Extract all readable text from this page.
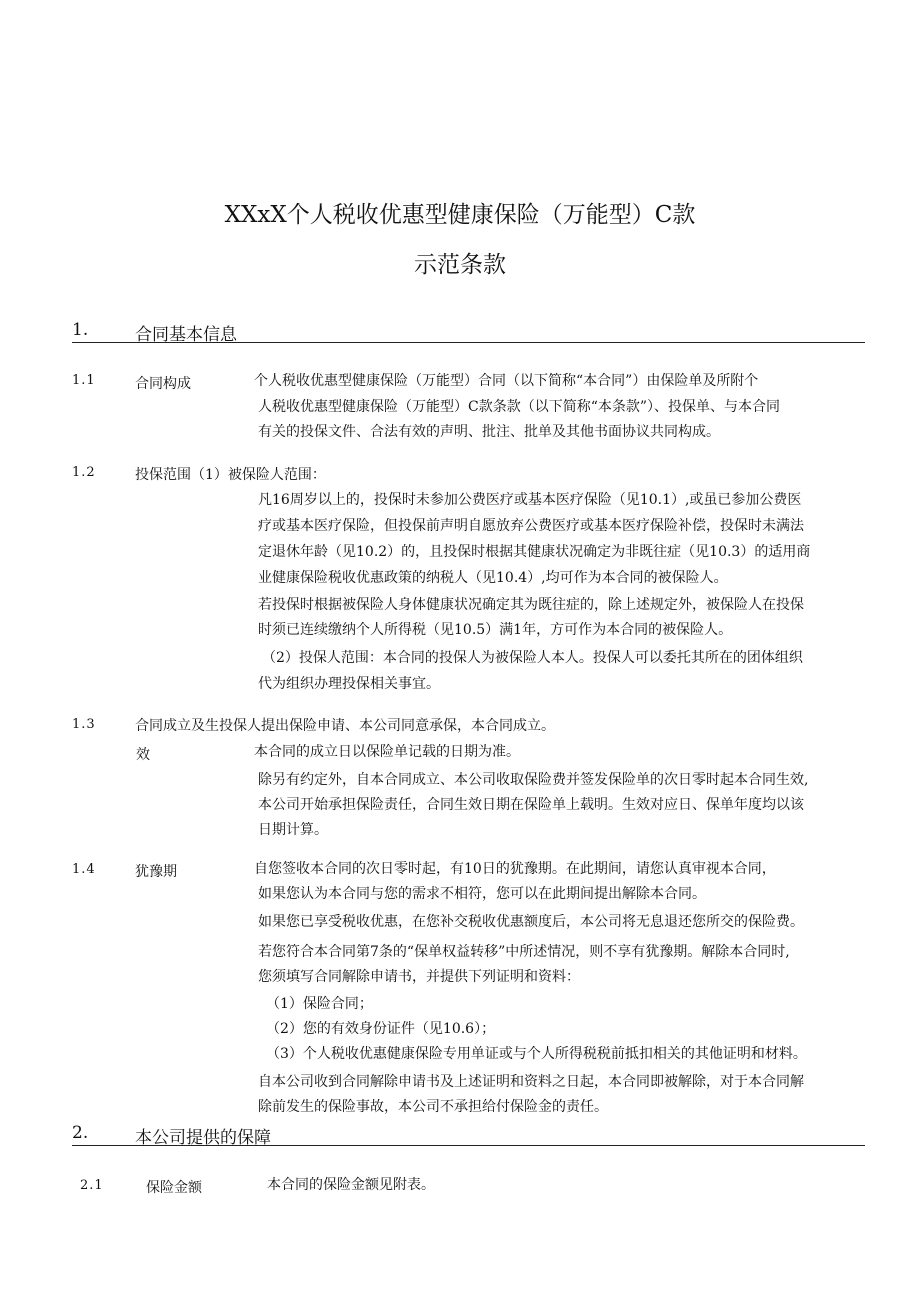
XXxX个人税收优惠型健康保险（万能型）C款
示范条款
1.	合同基本信息
1.1	合同构成	个人税收优惠型健康保险（万能型）合同（以下简称“本合同”）由保险单及所附个
人税收优惠型健康保险（万能型）C款条款（以下简称“本条款”）、投保单、与本合同
有关的投保文件、合法有效的声明、批注、批单及其他书面协议共同构成。
1.2	投保范围（1）被保险人范围：
凡16周岁以上的，投保时未参加公费医疗或基本医疗保险（见10.1）,或虽已参加公费医
疗或基本医疗保险，但投保前声明自愿放弃公费医疗或基本医疗保险补偿，投保时未满法
定退休年龄（见10.2）的，且投保时根据其健康状况确定为非既往症（见10.3）的适用商
业健康保险税收优惠政策的纳税人（见10.4）,均可作为本合同的被保险人。
若投保时根据被保险人身体健康状况确定其为既往症的，除上述规定外，被保险人在投保
时须已连续缴纳个人所得税（见10.5）满1年，方可作为本合同的被保险人。
（2）投保人范围：本合同的投保人为被保险人本人。投保人可以委托其所在的团体组织
代为组织办理投保相关事宜。
1.3	合同成立及生投保人提出保险申请、本公司同意承保，本合同成立。
效	本合同的成立日以保险单记载的日期为准。
除另有约定外，自本合同成立、本公司收取保险费并签发保险单的次日零时起本合同生效,
本公司开始承担保险责任，合同生效日期在保险单上载明。生效对应日、保单年度均以该
日期计算。
1.4	犹豫期	自您签收本合同的次日零时起，有10日的犹豫期。在此期间，请您认真审视本合同，
如果您认为本合同与您的需求不相符，您可以在此期间提出解除本合同。
如果您已享受税收优惠，在您补交税收优惠额度后，本公司将无息退还您所交的保险费。
若您符合本合同第7条的“保单权益转移”中所述情况，则不享有犹豫期。解除本合同时,
您须填写合同解除申请书，并提供下列证明和资料：
（1）保险合同；
（2）您的有效身份证件（见10.6）；
（3）个人税收优惠健康保险专用单证或与个人所得税税前抵扣相关的其他证明和材料。
自本公司收到合同解除申请书及上述证明和资料之日起，本合同即被解除，对于本合同解
除前发生的保险事故，本公司不承担给付保险金的责任。
2.	本公司提供的保障
2.1	保险金额	本合同的保险金额见附表。
